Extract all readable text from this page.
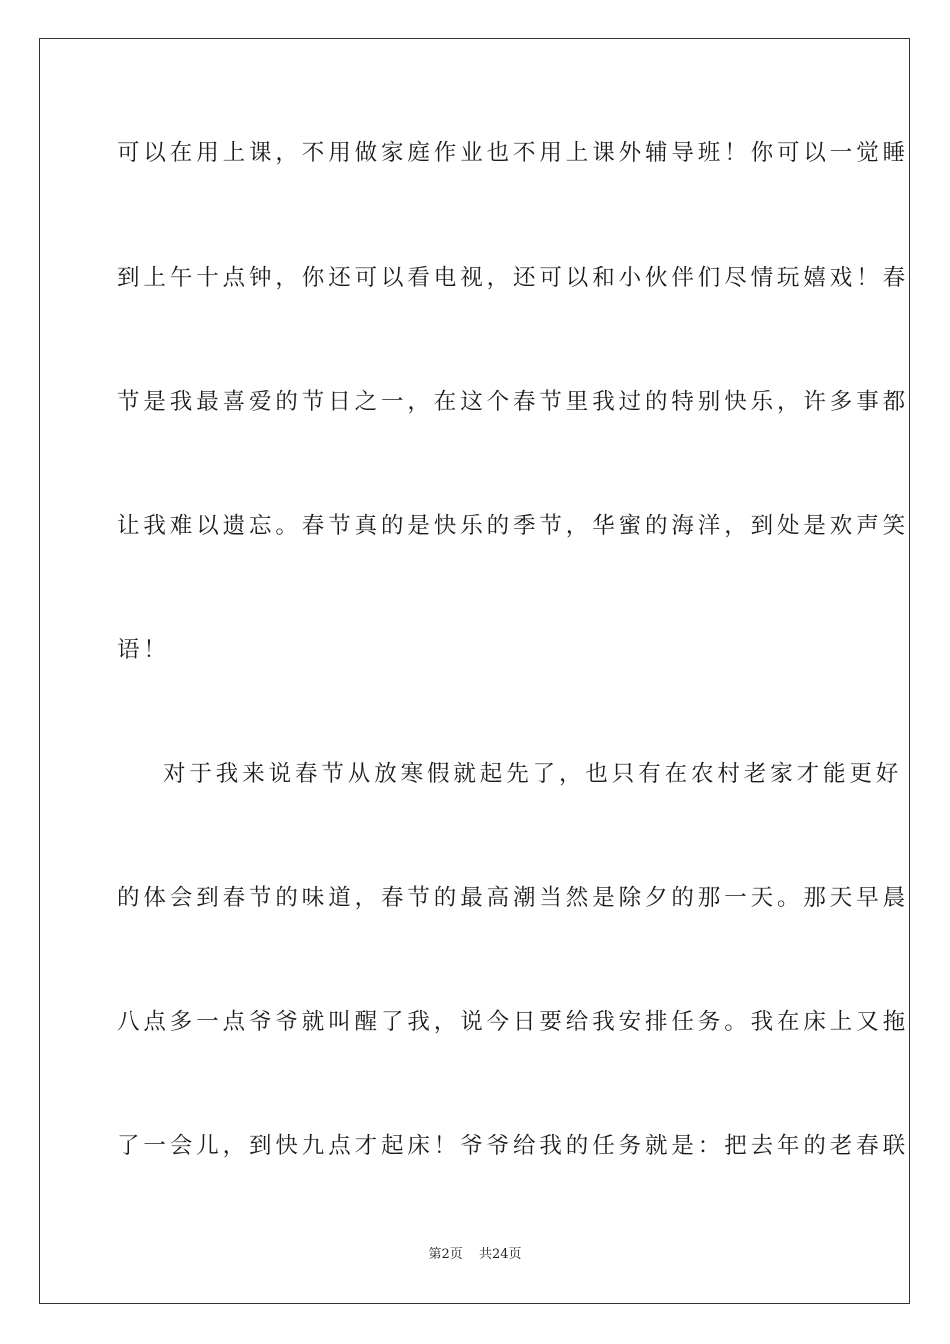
可以在用上课，不用做家庭作业也不用上课外辅导班！你可以一觉睡
到上午十点钟，你还可以看电视，还可以和小伙伴们尽情玩嬉戏！春
节是我最喜爱的节日之一，在这个春节里我过的特别快乐，许多事都
让我难以遗忘。春节真的是快乐的季节，华蜜的海洋，到处是欢声笑
语！
对于我来说春节从放寒假就起先了，也只有在农村老家才能更好
的体会到春节的味道，春节的最高潮当然是除夕的那一天。那天早晨
八点多一点爷爷就叫醒了我，说今日要给我安排任务。我在床上又拖
了一会儿，到快九点才起床！爷爷给我的任务就是：把去年的老春联
第2页 共24页
